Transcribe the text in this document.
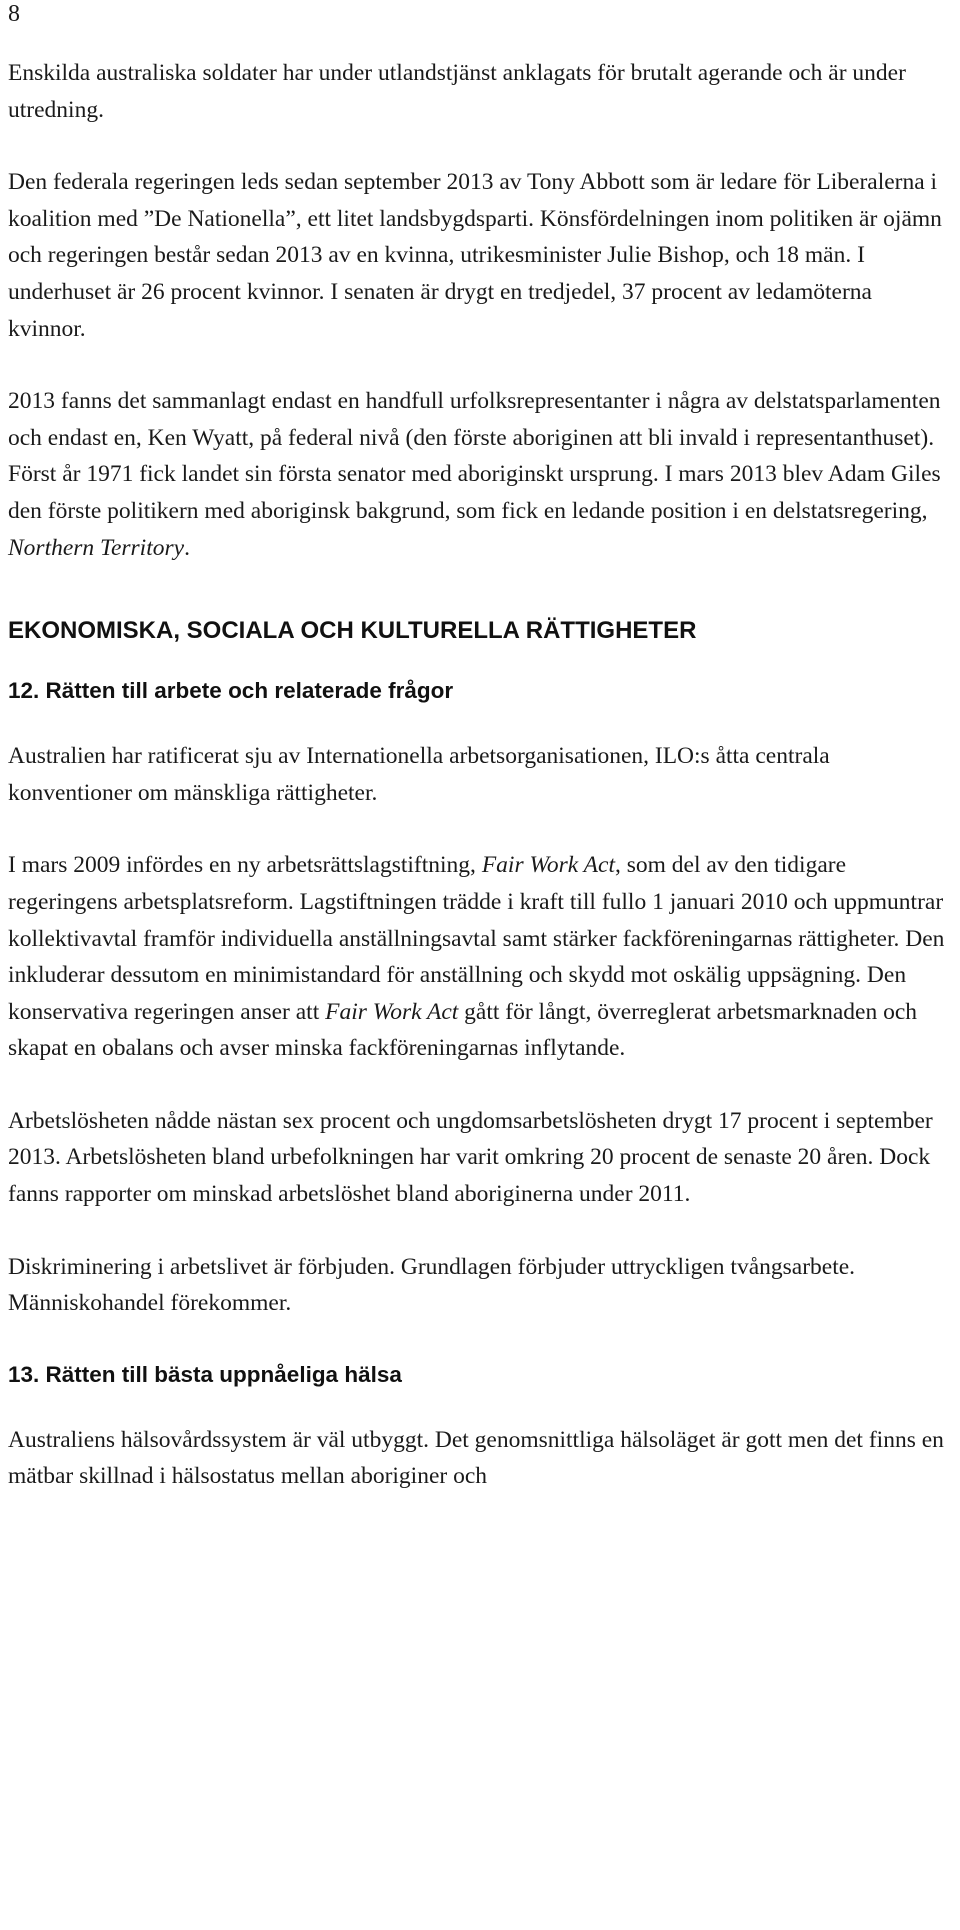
8

Enskilda australiska soldater har under utlandstjänst anklagats för brutalt agerande och är under utredning.

Den federala regeringen leds sedan september 2013 av Tony Abbott som är ledare för Liberalerna i koalition med ”De Nationella”, ett litet landsbygdsparti. Könsfördelningen inom politiken är ojämn och regeringen består sedan 2013 av en kvinna, utrikesminister Julie Bishop, och 18 män. I underhuset är 26 procent kvinnor. I senaten är drygt en tredjedel, 37 procent av ledamöterna kvinnor.

2013 fanns det sammanlagt endast en handfull urfolksrepresentanter i några av delstatsparlamenten och endast en, Ken Wyatt, på federal nivå (den förste aboriginen att bli invald i representanthuset). Först år 1971 fick landet sin första senator med aboriginskt ursprung. I mars 2013 blev Adam Giles den förste politikern med aboriginsk bakgrund, som fick en ledande position i en delstatsregering, Northern Territory.

EKONOMISKA, SOCIALA OCH KULTURELLA RÄTTIGHETER
12. Rätten till arbete och relaterade frågor

Australien har ratificerat sju av Internationella arbetsorganisationen, ILO:s åtta centrala konventioner om mänskliga rättigheter.

I mars 2009 infördes en ny arbetsrättslagstiftning, Fair Work Act, som del av den tidigare regeringens arbetsplatsreform. Lagstiftningen trädde i kraft till fullo 1 januari 2010 och uppmuntrar kollektivavtal framför individuella anställningsavtal samt stärker fackföreningarnas rättigheter. Den inkluderar dessutom en minimistandard för anställning och skydd mot oskälig uppsägning. Den konservativa regeringen anser att Fair Work Act gått för långt, överreglerat arbetsmarknaden och skapat en obalans och avser minska fackföreningarnas inflytande.

Arbetslösheten nådde nästan sex procent och ungdomsarbetslösheten drygt 17 procent i september 2013. Arbetslösheten bland urbefolkningen har varit omkring 20 procent de senaste 20 åren. Dock fanns rapporter om minskad arbetslöshet bland aboriginerna under 2011.

Diskriminering i arbetslivet är förbjuden. Grundlagen förbjuder uttryckligen tvångsarbete. Människohandel förekommer.

13. Rätten till bästa uppnåeliga hälsa

Australiens hälsovårdssystem är väl utbyggt. Det genomsnittliga hälsoläget är gott men det finns en mätbar skillnad i hälsostatus mellan aboriginer och
